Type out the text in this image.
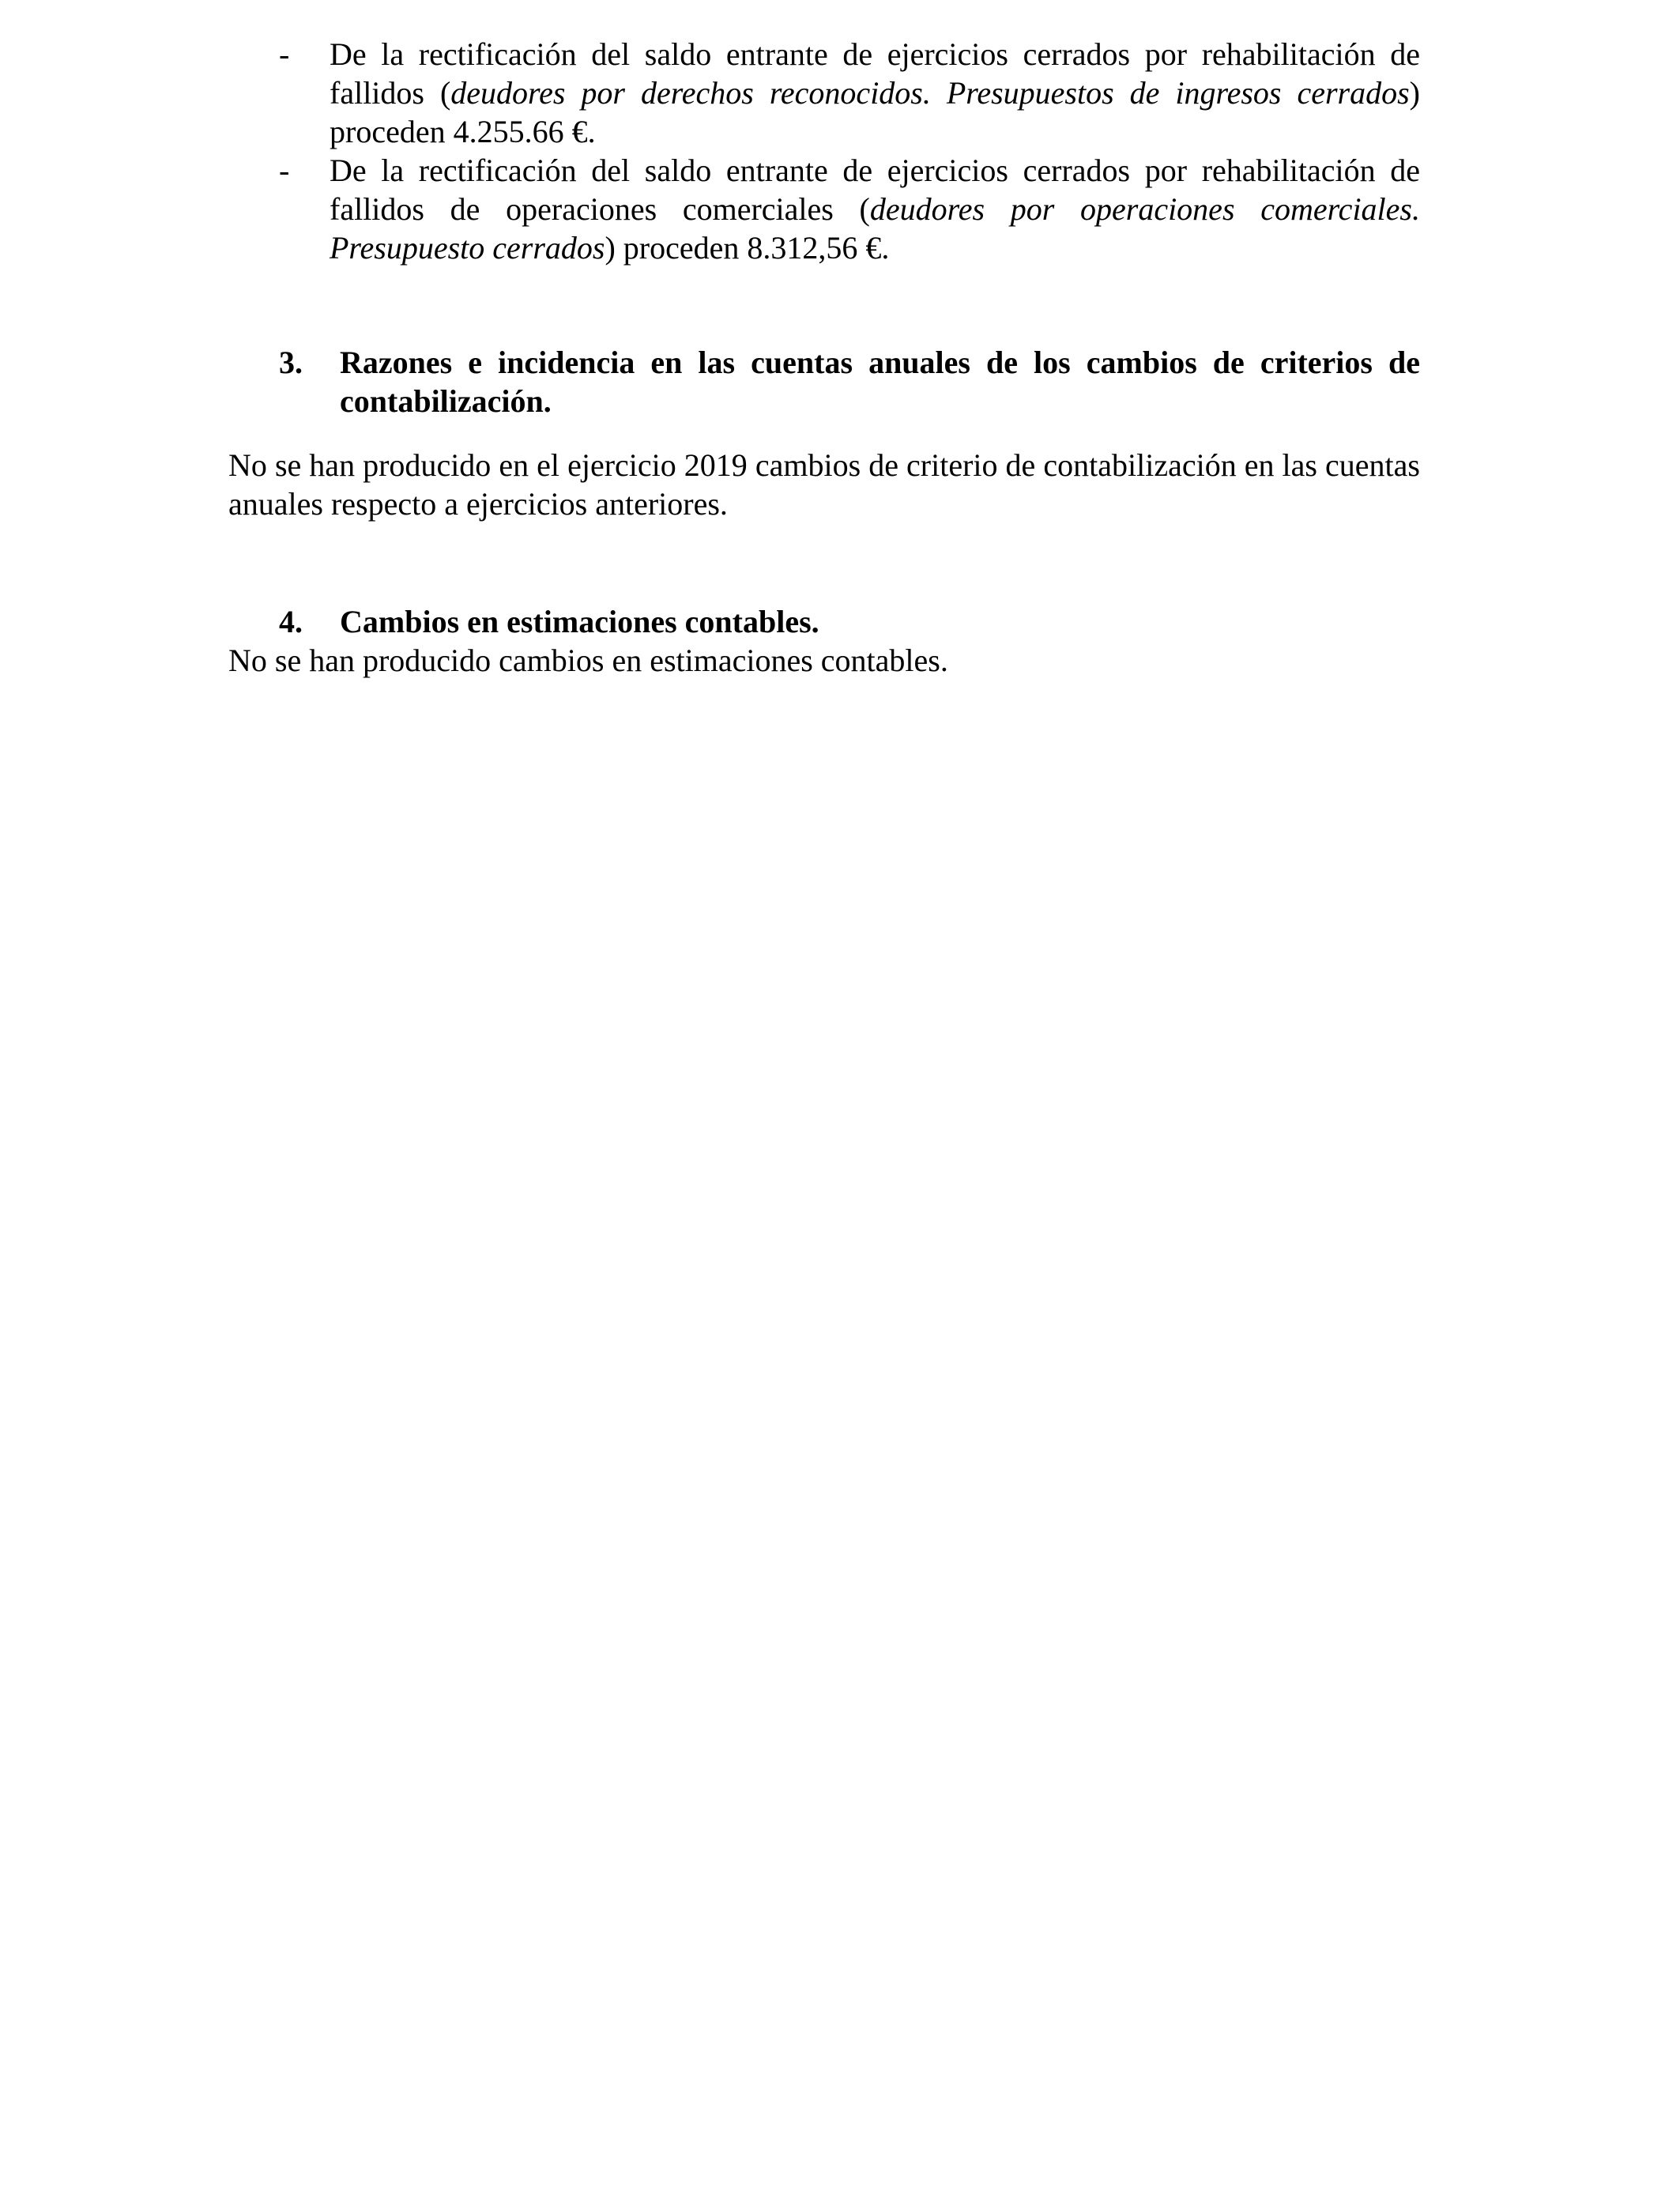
- De la rectificación del saldo entrante de ejercicios cerrados por rehabilitación de fallidos (deudores por derechos reconocidos. Presupuestos de ingresos cerrados) proceden 4.255.66 €.
- De la rectificación del saldo entrante de ejercicios cerrados por rehabilitación de fallidos de operaciones comerciales (deudores por operaciones comerciales. Presupuesto cerrados) proceden 8.312,56 €.
3. Razones e incidencia en las cuentas anuales de los cambios de criterios de contabilización.

No se han producido en el ejercicio 2019 cambios de criterio de contabilización en las cuentas anuales respecto a ejercicios anteriores.

4. Cambios en estimaciones contables.

No se han producido cambios en estimaciones contables.
